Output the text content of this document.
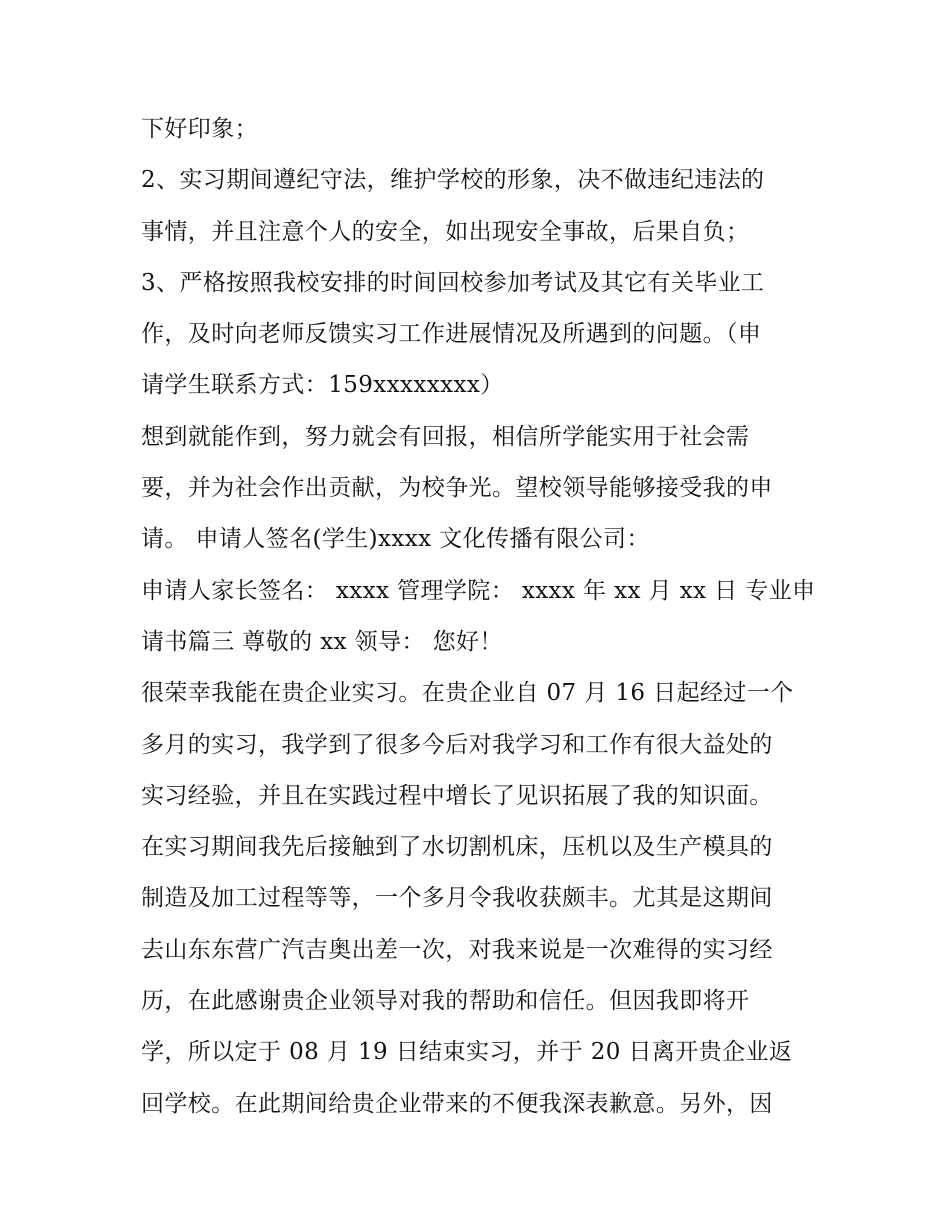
下好印象；
2、实习期间遵纪守法，维护学校的形象，决不做违纪违法的
事情，并且注意个人的安全，如出现安全事故，后果自负；
3、严格按照我校安排的时间回校参加考试及其它有关毕业工
作，及时向老师反馈实习工作进展情况及所遇到的问题。（申
请学生联系方式：159xxxxxxxx）
想到就能作到，努力就会有回报，相信所学能实用于社会需
要，并为社会作出贡献，为校争光。望校领导能够接受我的申
请。 申请人签名(学生)xxxx 文化传播有限公司：
申请人家长签名： xxxx 管理学院： xxxx 年 xx 月 xx 日 专业申
请书篇三 尊敬的 xx 领导： 您好！
很荣幸我能在贵企业实习。在贵企业自 07 月 16 日起经过一个
多月的实习，我学到了很多今后对我学习和工作有很大益处的
实习经验，并且在实践过程中增长了见识拓展了我的知识面。
在实习期间我先后接触到了水切割机床，压机以及生产模具的
制造及加工过程等等，一个多月令我收获颇丰。尤其是这期间
去山东东营广汽吉奥出差一次，对我来说是一次难得的实习经
历，在此感谢贵企业领导对我的帮助和信任。但因我即将开
学，所以定于 08 月 19 日结束实习，并于 20 日离开贵企业返
回学校。在此期间给贵企业带来的不便我深表歉意。另外，因
